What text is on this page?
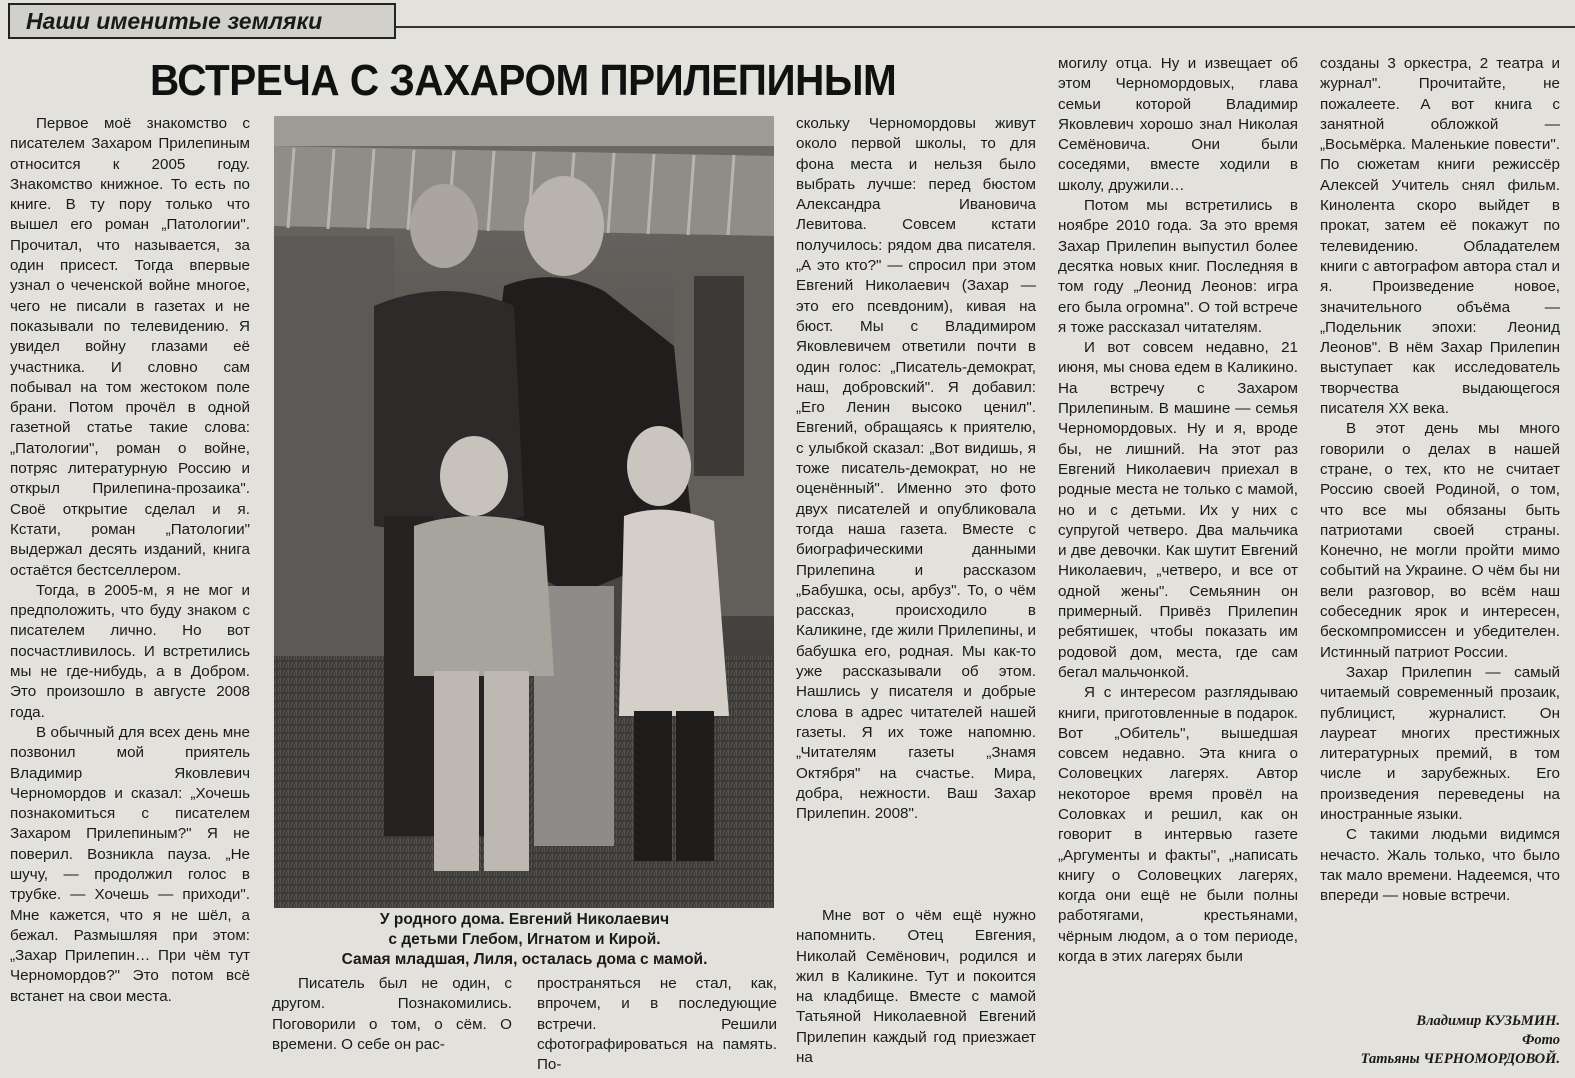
Наши именитые земляки
ВСТРЕЧА С ЗАХАРОМ ПРИЛЕПИНЫМ

Первое моё знакомство с писателем Захаром Прилепиным относится к 2005 году. Знакомство книжное. То есть по книге. В ту пору только что вышел его роман „Патологии". Прочитал, что называется, за один присест. Тогда впервые узнал о чеченской войне многое, чего не писали в газетах и не показывали по телевидению. Я увидел войну глазами её участника. И словно сам побывал на том жестоком поле брани. Потом прочёл в одной газетной статье такие слова: „Патологии", роман о войне, потряс литературную Россию и открыл Прилепина-прозаика". Своё открытие сделал и я. Кстати, роман „Патологии" выдержал десять изданий, книга остаётся бестселлером.

Тогда, в 2005-м, я не мог и предположить, что буду знаком с писателем лично. Но вот посчастливилось. И встретились мы не где-нибудь, а в Добром. Это произошло в августе 2008 года.

В обычный для всех день мне позвонил мой приятель Владимир Яковлевич Черномордов и сказал: „Хочешь познакомиться с писателем Захаром Прилепиным?" Я не поверил. Возникла пауза. „Не шучу, — продолжил голос в трубке. — Хочешь — приходи". Мне кажется, что я не шёл, а бежал. Размышляя при этом: „Захар Прилепин… При чём тут Черномордов?" Это потом всё встанет на свои места.

У родного дома. Евгений Николаевич
с детьми Глебом, Игнатом и Кирой.
Самая младшая, Лиля, осталась дома с мамой.

Писатель был не один, с другом. Познакомились. Поговорили о том, о сём. О времени. О себе он рас-

пространяться не стал, как, впрочем, и в последующие встречи. Решили сфотографироваться на память. По-

скольку Черномордовы живут около первой школы, то для фона места и нельзя было выбрать лучше: перед бюстом Александра Ивановича Левитова. Совсем кстати получилось: рядом два писателя. „А это кто?" — спросил при этом Евгений Николаевич (Захар — это его псевдоним), кивая на бюст. Мы с Владимиром Яковлевичем ответили почти в один голос: „Писатель-демократ, наш, добровский". Я добавил: „Его Ленин высоко ценил". Евгений, обращаясь к приятелю, с улыбкой сказал: „Вот видишь, я тоже писатель-демократ, но не оценённый". Именно это фото двух писателей и опубликовала тогда наша газета. Вместе с биографическими данными Прилепина и рассказом „Бабушка, осы, арбуз". То, о чём рассказ, происходило в Каликине, где жили Прилепины, и бабушка его, родная. Мы как-то уже рассказывали об этом. Нашлись у писателя и добрые слова в адрес читателей нашей газеты. Я их тоже напомню. „Читателям газеты „Знамя Октября" на счастье. Мира, добра, нежности. Ваш Захар Прилепин. 2008".

Мне вот о чём ещё нужно напомнить. Отец Евгения, Николай Семёнович, родился и жил в Каликине. Тут и покоится на кладбище. Вместе с мамой Татьяной Николаевной Евгений Прилепин каждый год приезжает на

могилу отца. Ну и извещает об этом Черномордовых, глава семьи которой Владимир Яковлевич хорошо знал Николая Семёновича. Они были соседями, вместе ходили в школу, дружили…

Потом мы встретились в ноябре 2010 года. За это время Захар Прилепин выпустил более десятка новых книг. Последняя в том году „Леонид Леонов: игра его была огромна". О той встрече я тоже рассказал читателям.

И вот совсем недавно, 21 июня, мы снова едем в Каликино. На встречу с Захаром Прилепиным. В машине — семья Черномордовых. Ну и я, вроде бы, не лишний. На этот раз Евгений Николаевич приехал в родные места не только с мамой, но и с детьми. Их у них с супругой четверо. Два мальчика и две девочки. Как шутит Евгений Николаевич, „четверо, и все от одной жены". Семьянин он примерный. Привёз Прилепин ребятишек, чтобы показать им родовой дом, места, где сам бегал мальчонкой.

Я с интересом разглядываю книги, приготовленные в подарок. Вот „Обитель", вышедшая совсем недавно. Эта книга о Соловецких лагерях. Автор некоторое время провёл на Соловках и решил, как он говорит в интервью газете „Аргументы и факты", „написать книгу о Соловецких лагерях, когда они ещё не были полны работягами, крестьянами, чёрным людом, а о том периоде, когда в этих лагерях были

созданы 3 оркестра, 2 театра и журнал". Прочитайте, не пожалеете. А вот книга с занятной обложкой — „Восьмёрка. Маленькие повести". По сюжетам книги режиссёр Алексей Учитель снял фильм. Кинолента скоро выйдет в прокат, затем её покажут по телевидению. Обладателем книги с автографом автора стал и я. Произведение новое, значительного объёма — „Подельник эпохи: Леонид Леонов". В нём Захар Прилепин выступает как исследователь творчества выдающегося писателя XX века.

В этот день мы много говорили о делах в нашей стране, о тех, кто не считает Россию своей Родиной, о том, что все мы обязаны быть патриотами своей страны. Конечно, не могли пройти мимо событий на Украине. О чём бы ни вели разговор, во всём наш собеседник ярок и интересен, бескомпромиссен и убедителен. Истинный патриот России.

Захар Прилепин — самый читаемый современный прозаик, публицист, журналист. Он лауреат многих престижных литературных премий, в том числе и зарубежных. Его произведения переведены на иностранные языки.

С такими людьми видимся нечасто. Жаль только, что было так мало времени. Надеемся, что впереди — новые встречи.

Владимир КУЗЬМИН.
Фото
Татьяны ЧЕРНОМОРДОВОЙ.
